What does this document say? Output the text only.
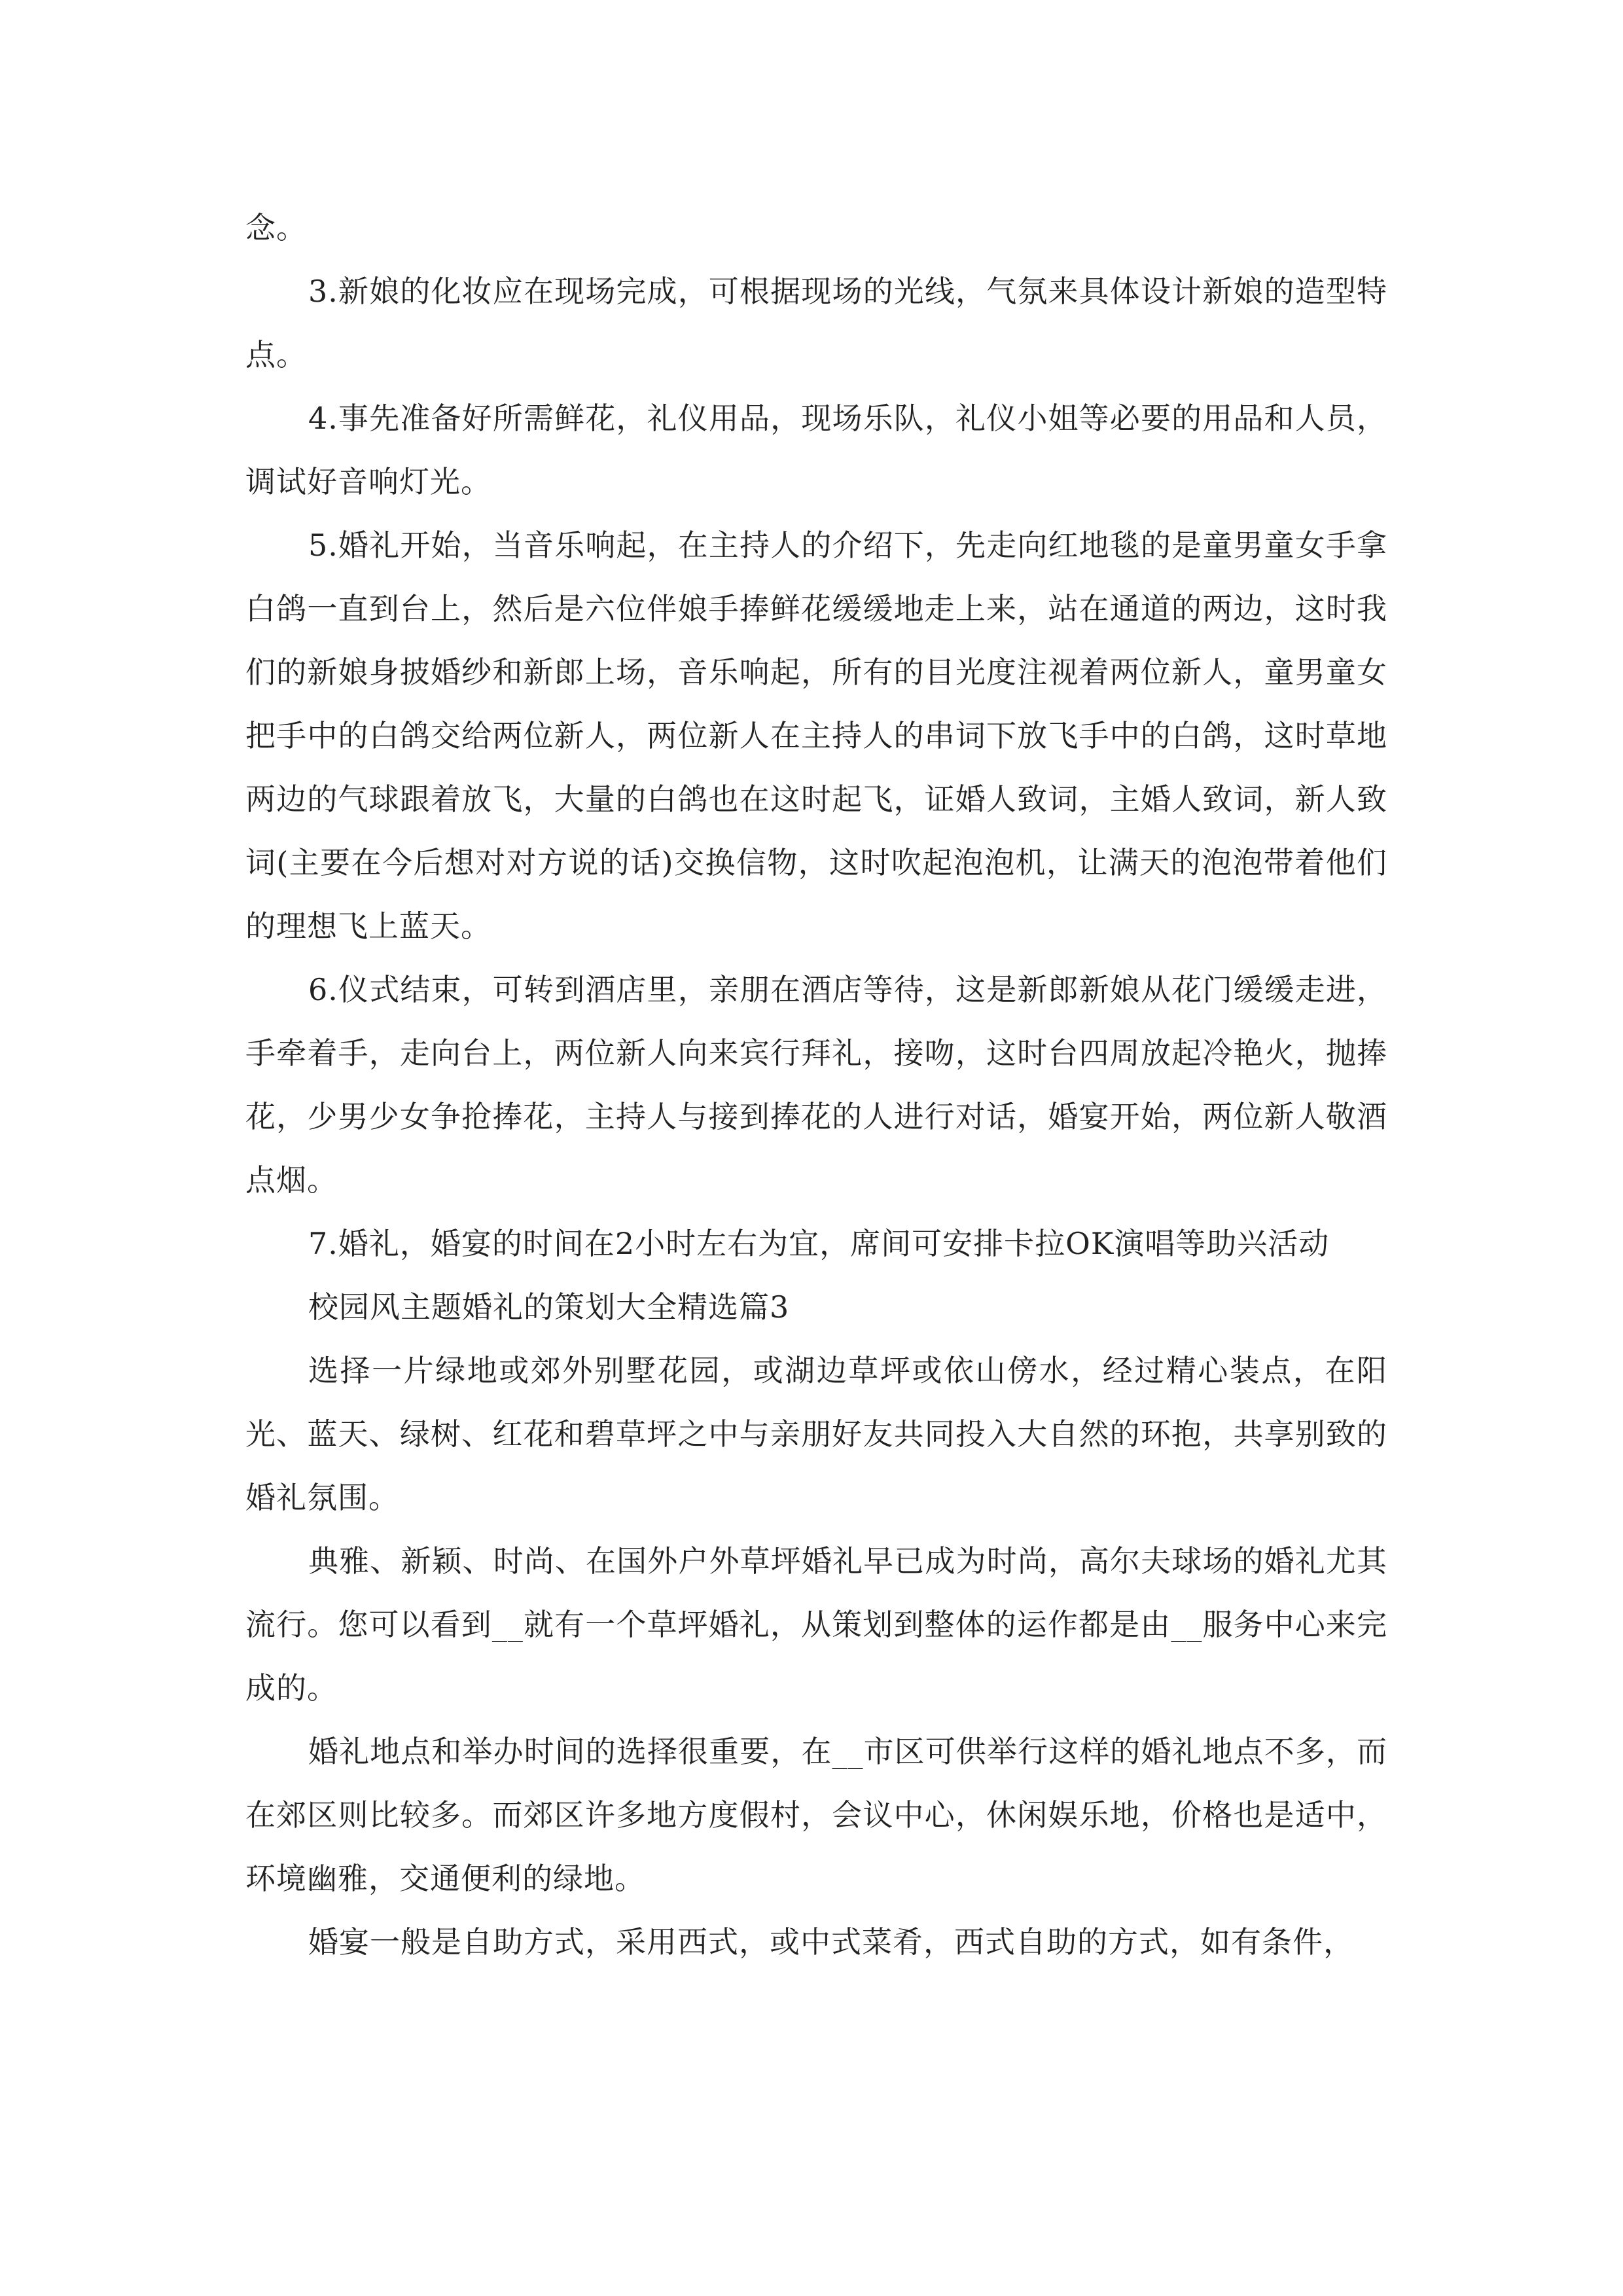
念。

3.新娘的化妆应在现场完成，可根据现场的光线，气氛来具体设计新娘的造型特点。

4.事先准备好所需鲜花，礼仪用品，现场乐队，礼仪小姐等必要的用品和人员，调试好音响灯光。

5.婚礼开始，当音乐响起，在主持人的介绍下，先走向红地毯的是童男童女手拿白鸽一直到台上，然后是六位伴娘手捧鲜花缓缓地走上来，站在通道的两边，这时我们的新娘身披婚纱和新郎上场，音乐响起，所有的目光度注视着两位新人，童男童女把手中的白鸽交给两位新人，两位新人在主持人的串词下放飞手中的白鸽，这时草地两边的气球跟着放飞，大量的白鸽也在这时起飞，证婚人致词，主婚人致词，新人致词(主要在今后想对对方说的话)交换信物，这时吹起泡泡机，让满天的泡泡带着他们的理想飞上蓝天。

6.仪式结束，可转到酒店里，亲朋在酒店等待，这是新郎新娘从花门缓缓走进，手牵着手，走向台上，两位新人向来宾行拜礼，接吻，这时台四周放起冷艳火，抛捧花，少男少女争抢捧花，主持人与接到捧花的人进行对话，婚宴开始，两位新人敬酒点烟。

7.婚礼，婚宴的时间在2小时左右为宜，席间可安排卡拉OK演唱等助兴活动

校园风主题婚礼的策划大全精选篇3

选择一片绿地或郊外别墅花园，或湖边草坪或依山傍水，经过精心装点，在阳光、蓝天、绿树、红花和碧草坪之中与亲朋好友共同投入大自然的环抱，共享别致的婚礼氛围。

典雅、新颖、时尚、在国外户外草坪婚礼早已成为时尚，高尔夫球场的婚礼尤其流行。您可以看到__就有一个草坪婚礼，从策划到整体的运作都是由__服务中心来完成的。

婚礼地点和举办时间的选择很重要，在__市区可供举行这样的婚礼地点不多，而在郊区则比较多。而郊区许多地方度假村，会议中心，休闲娱乐地，价格也是适中，环境幽雅，交通便利的绿地。

婚宴一般是自助方式，采用西式，或中式菜肴，西式自助的方式，如有条件，
